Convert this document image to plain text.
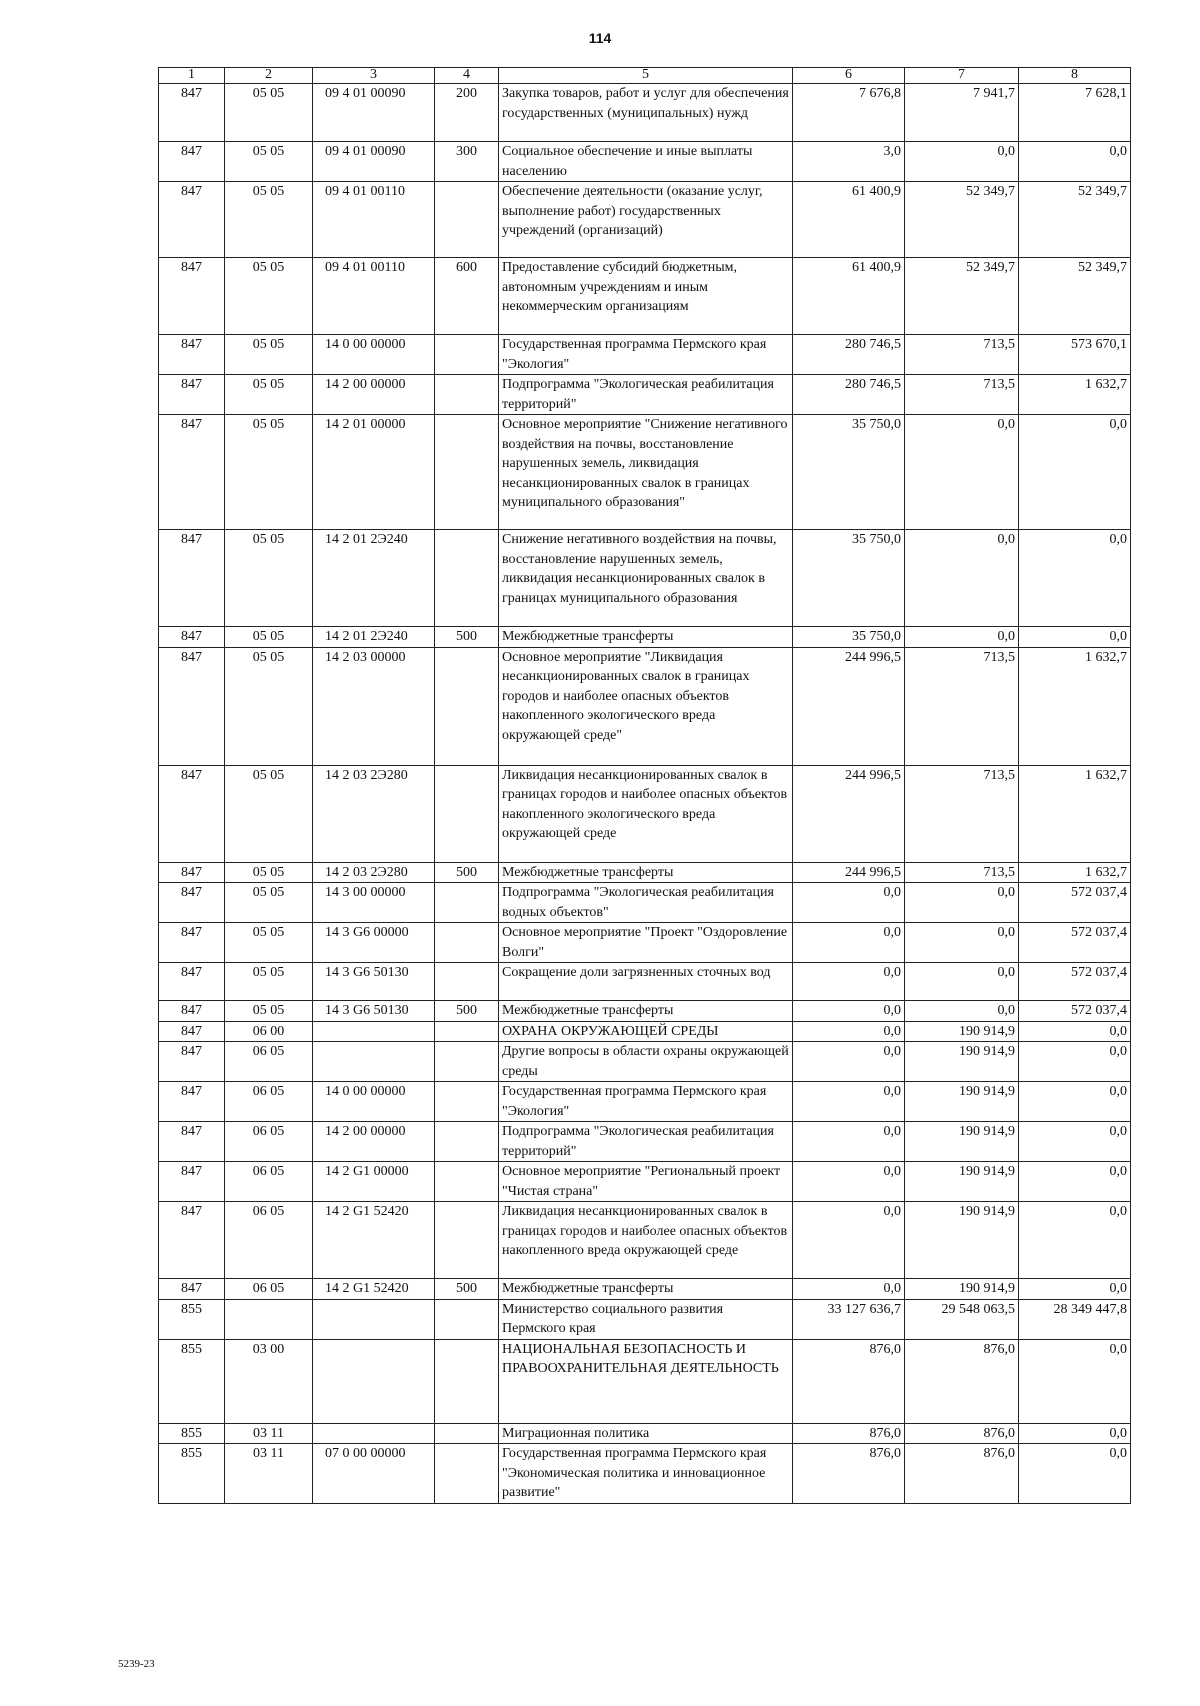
114
1	2	3	4	5	6	7	8
847	05 05	09 4 01 00090	200	Закупка товаров, работ и услуг для обеспечения государственных (муниципальных) нужд	7 676,8	7 941,7	7 628,1
847	05 05	09 4 01 00090	300	Социальное обеспечение и иные выплаты населению	3,0	0,0	0,0
847	05 05	09 4 01 00110		Обеспечение деятельности (оказание услуг, выполнение работ) государственных учреждений (организаций)	61 400,9	52 349,7	52 349,7
847	05 05	09 4 01 00110	600	Предоставление субсидий бюджетным, автономным учреждениям и иным некоммерческим организациям	61 400,9	52 349,7	52 349,7
847	05 05	14 0 00 00000		Государственная программа Пермского края "Экология"	280 746,5	713,5	573 670,1
847	05 05	14 2 00 00000		Подпрограмма "Экологическая реабилитация территорий"	280 746,5	713,5	1 632,7
847	05 05	14 2 01 00000		Основное мероприятие "Снижение негативного воздействия на почвы, восстановление нарушенных земель, ликвидация несанкционированных свалок в границах муниципального образования"	35 750,0	0,0	0,0
847	05 05	14 2 01 2Э240		Снижение негативного воздействия на почвы, восстановление нарушенных земель, ликвидация несанкционированных свалок в границах муниципального образования	35 750,0	0,0	0,0
847	05 05	14 2 01 2Э240	500	Межбюджетные трансферты	35 750,0	0,0	0,0
847	05 05	14 2 03 00000		Основное мероприятие "Ликвидация несанкционированных свалок в границах городов и наиболее опасных объектов накопленного экологического вреда окружающей среде"	244 996,5	713,5	1 632,7
847	05 05	14 2 03 2Э280		Ликвидация несанкционированных свалок в границах городов и наиболее опасных объектов накопленного экологического вреда окружающей среде	244 996,5	713,5	1 632,7
847	05 05	14 2 03 2Э280	500	Межбюджетные трансферты	244 996,5	713,5	1 632,7
847	05 05	14 3 00 00000		Подпрограмма "Экологическая реабилитация водных объектов"	0,0	0,0	572 037,4
847	05 05	14 3 G6 00000		Основное мероприятие "Проект "Оздоровление Волги"	0,0	0,0	572 037,4
847	05 05	14 3 G6 50130		Сокращение доли загрязненных сточных вод	0,0	0,0	572 037,4
847	05 05	14 3 G6 50130	500	Межбюджетные трансферты	0,0	0,0	572 037,4
847	06 00			ОХРАНА ОКРУЖАЮЩЕЙ СРЕДЫ	0,0	190 914,9	0,0
847	06 05			Другие вопросы в области охраны окружающей среды	0,0	190 914,9	0,0
847	06 05	14 0 00 00000		Государственная программа Пермского края "Экология"	0,0	190 914,9	0,0
847	06 05	14 2 00 00000		Подпрограмма "Экологическая реабилитация территорий"	0,0	190 914,9	0,0
847	06 05	14 2 G1 00000		Основное мероприятие "Региональный проект "Чистая страна"	0,0	190 914,9	0,0
847	06 05	14 2 G1 52420		Ликвидация несанкционированных свалок в границах городов и наиболее опасных объектов накопленного вреда окружающей среде	0,0	190 914,9	0,0
847	06 05	14 2 G1 52420	500	Межбюджетные трансферты	0,0	190 914,9	0,0
855				Министерство социального развития Пермского края	33 127 636,7	29 548 063,5	28 349 447,8
855	03 00			НАЦИОНАЛЬНАЯ БЕЗОПАСНОСТЬ И ПРАВООХРАНИТЕЛЬНАЯ ДЕЯТЕЛЬНОСТЬ	876,0	876,0	0,0
855	03 11			Миграционная политика	876,0	876,0	0,0
855	03 11	07 0 00 00000		Государственная программа Пермского края "Экономическая политика и инновационное развитие"	876,0	876,0	0,0
5239-23
